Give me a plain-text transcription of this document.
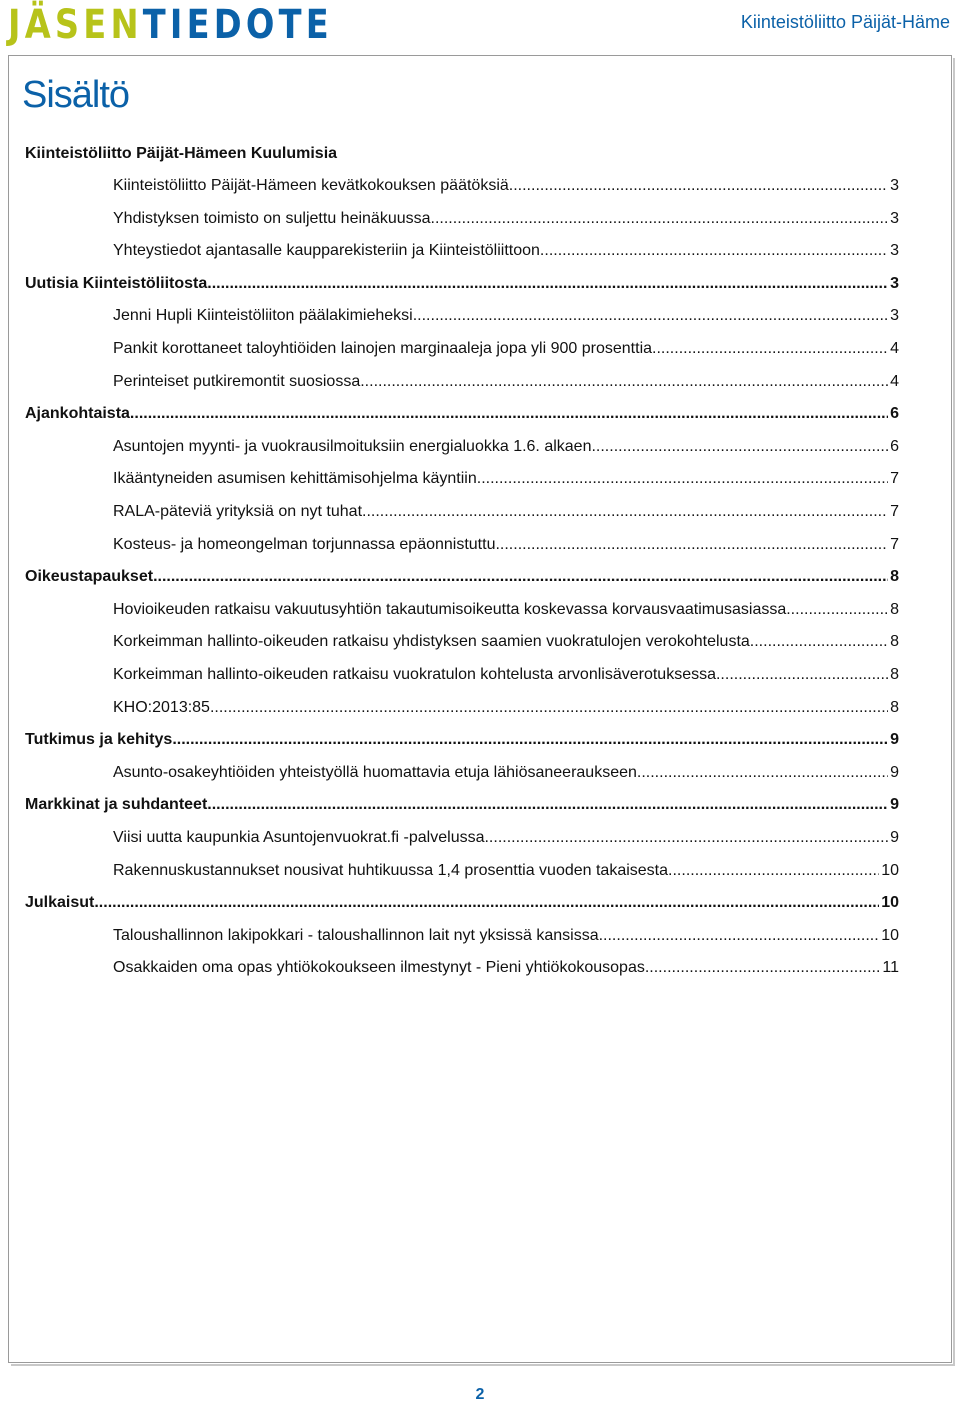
JÄSENTIEDOTE	Kiinteistöliitto Päijät-Häme
Sisältö
Kiinteistöliitto Päijät-Hämeen Kuulumisia
Kiinteistöliitto Päijät-Hämeen kevätkokouksen päätöksiä .....	3
Yhdistyksen toimisto on suljettu heinäkuussa .....	3
Yhteystiedot ajantasalle kaupparekisteriin ja Kiinteistöliittoon .....	3
Uutisia Kiinteistöliitosta .....	3
Jenni Hupli Kiinteistöliiton päälakimieheksi .....	3
Pankit korottaneet taloyhtiöiden lainojen marginaaleja jopa yli 900 prosenttia .....	4
Perinteiset putkiremontit suosiossa .....	4
Ajankohtaista .....	6
Asuntojen myynti- ja vuokrausilmoituksiin energialuokka 1.6. alkaen .....	6
Ikääntyneiden asumisen kehittämisohjelma käyntiin .....	7
RALA-päteviä yrityksiä on nyt tuhat .....	7
Kosteus- ja homeongelman torjunnassa epäonnistuttu .....	7
Oikeustapaukset .....	8
Hovioikeuden ratkaisu vakuutusyhtiön takautumisoikeutta koskevassa korvausvaatimusasiassa .....	8
Korkeimman hallinto-oikeuden ratkaisu yhdistyksen saamien vuokratulojen verokohtelusta .....	8
Korkeimman hallinto-oikeuden ratkaisu vuokratulon kohtelusta arvonlisäverotuksessa .....	8
KHO:2013:85 .....	8
Tutkimus ja kehitys .....	9
Asunto-osakeyhtiöiden yhteistyöllä huomattavia etuja lähiösaneeraukseen .....	9
Markkinat ja suhdanteet .....	9
Viisi uutta kaupunkia Asuntojenvuokrat.fi -palvelussa .....	9
Rakennuskustannukset nousivat huhtikuussa 1,4 prosenttia vuoden takaisesta .....	10
Julkaisut .....	10
Taloushallinnon lakipokkari - taloushallinnon lait nyt yksissä kansissa .....	10
Osakkaiden oma opas yhtiökokoukseen ilmestynyt - Pieni yhtiökokousopas .....	11
2
